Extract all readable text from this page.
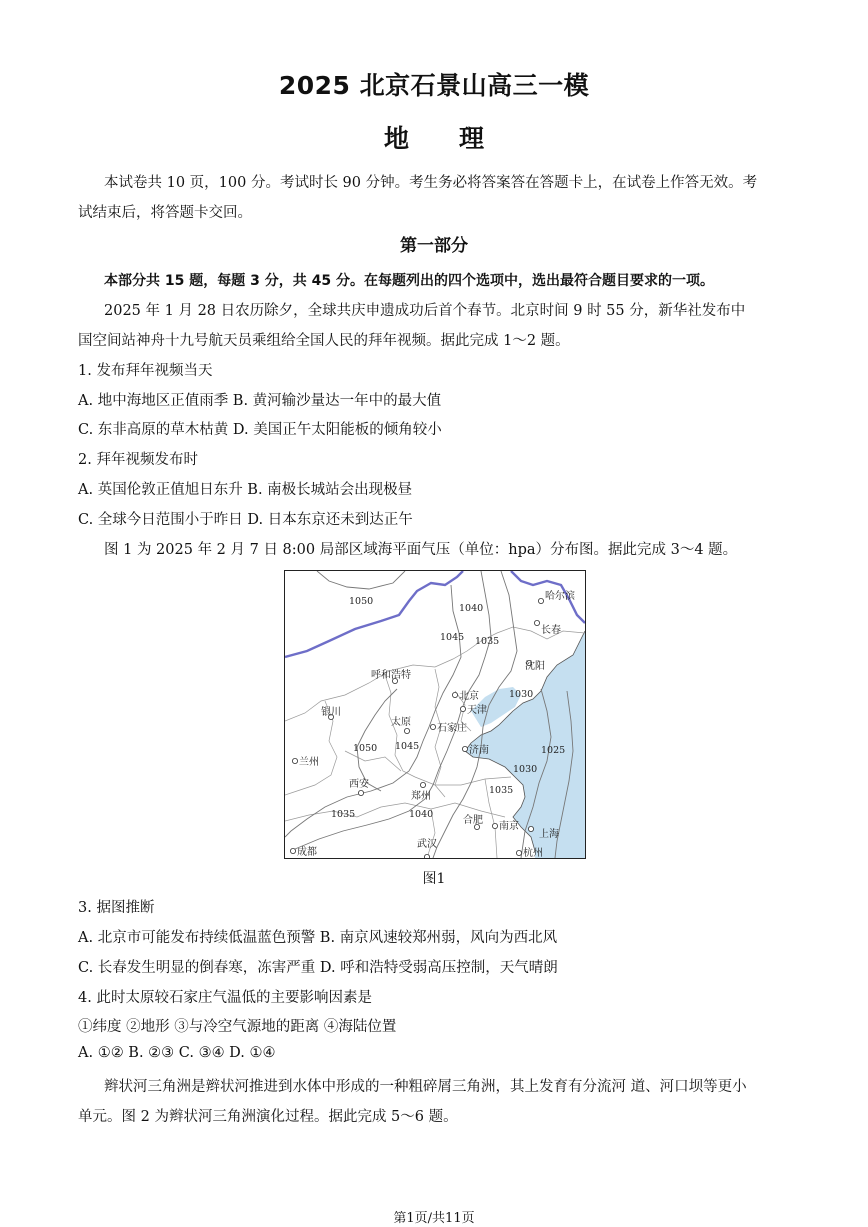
2025 北京石景山高三一模
地　　理
本试卷共 10 页，100 分。考试时长 90 分钟。考生务必将答案答在答题卡上，在试卷上作答无效。考
试结束后，将答题卡交回。
第一部分
本部分共 15 题，每题 3 分，共 45 分。在每题列出的四个选项中，选出最符合题目要求的一项。
2025 年 1 月 28 日农历除夕，全球共庆申遗成功后首个春节。北京时间 9 时 55 分，新华社发布中
国空间站神舟十九号航天员乘组给全国人民的拜年视频。据此完成 1～2 题。
1. 发布拜年视频当天
A. 地中海地区正值雨季 B. 黄河输沙量达一年中的最大值
C. 东非高原的草木枯黄 D. 美国正午太阳能板的倾角较小
2. 拜年视频发布时
A. 英国伦敦正值旭日东升 B. 南极长城站会出现极昼
C. 全球今日范围小于昨日 D. 日本东京还未到达正午
图 1 为 2025 年 2 月 7 日 8:00 局部区域海平面气压（单位：hpa）分布图。据此完成 3～4 题。
1050
1040
1045 1035
1030
1025
1030
1050 1045
1035
1040
1035
哈尔滨
长春
沈阳
呼和浩特
北京
天津
银川
太原
石家庄
济南
兰州
西安
郑州
合肥
南京
上海
武汉
杭州
成都
图1
3. 据图推断
A. 北京市可能发布持续低温蓝色预警 B. 南京风速较郑州弱，风向为西北风
C. 长春发生明显的倒春寒，冻害严重 D. 呼和浩特受弱高压控制，天气晴朗
4. 此时太原较石家庄气温低的主要影响因素是
①纬度 ②地形 ③与冷空气源地的距离 ④海陆位置
A. ①② B. ②③ C. ③④ D. ①④
辫状河三角洲是辫状河推进到水体中形成的一种粗碎屑三角洲，其上发育有分流河 道、河口坝等更小
单元。图 2 为辫状河三角洲演化过程。据此完成 5～6 题。
第1页/共11页
